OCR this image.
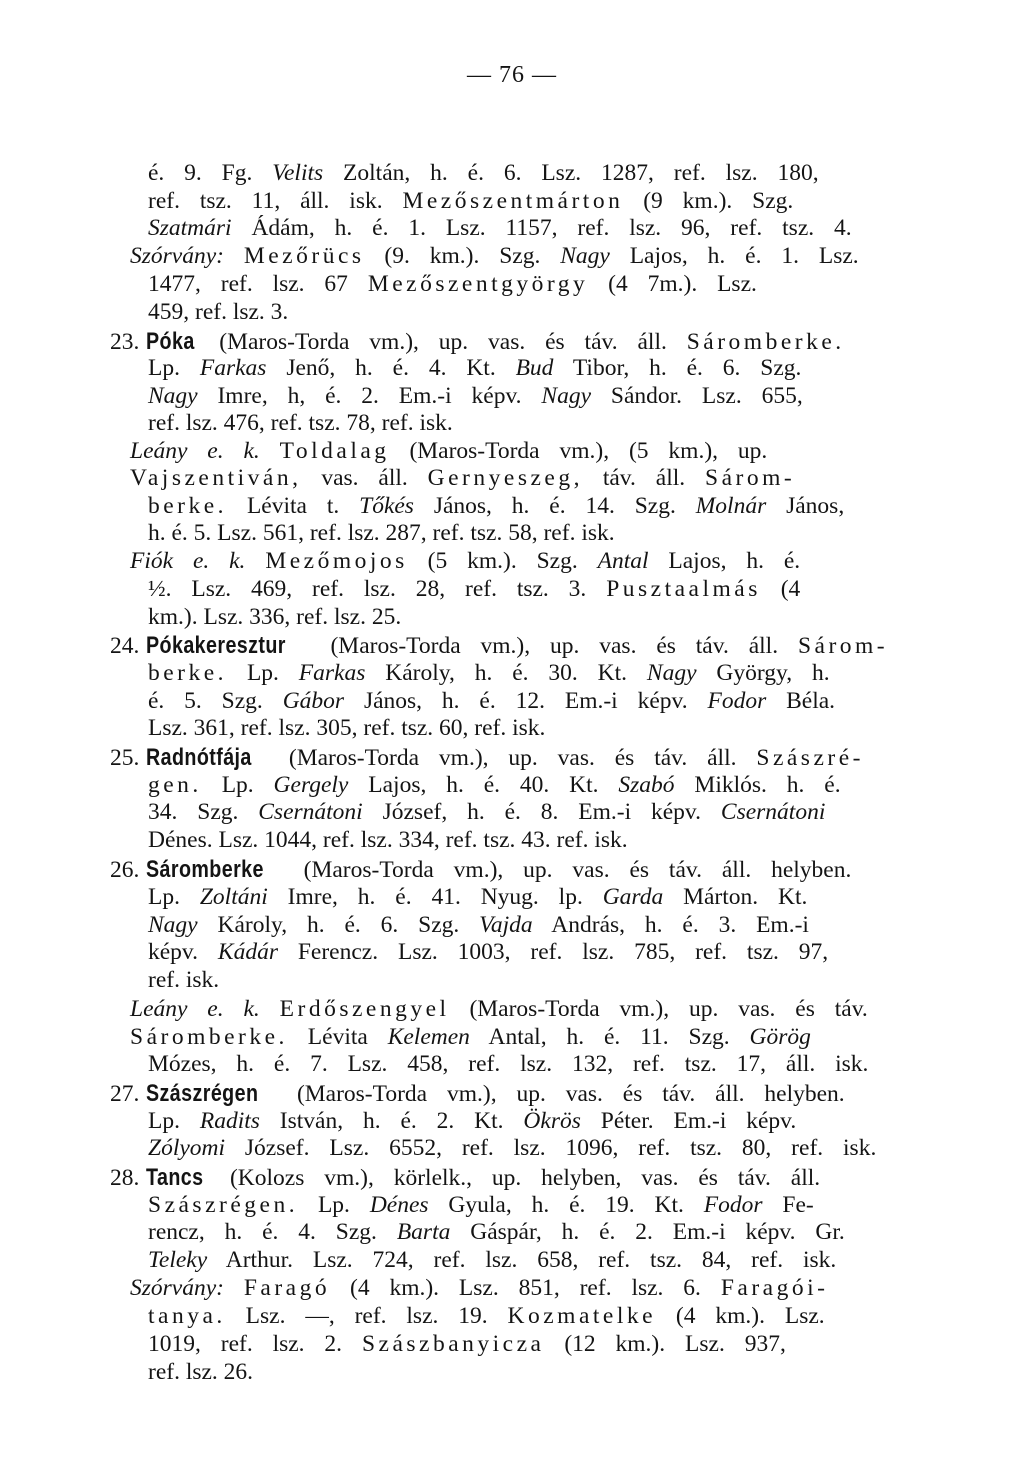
— 76 —
é. 9. Fg. Velits Zoltán, h. é. 6. Lsz. 1287, ref. lsz. 180,
ref. tsz. 11, áll. isk. Mezőszentmárton (9 km.). Szg.
Szatmári Ádám, h. é. 1. Lsz. 1157, ref. lsz. 96, ref. tsz. 4.
Szórvány: Mezőrücs (9. km.). Szg. Nagy Lajos, h. é. 1. Lsz.
1477, ref. lsz. 67 Mezőszentgyörgy (4 7m.). Lsz.
459, ref. lsz. 3.
23. Póka (Maros-Torda vm.), up. vas. és táv. áll. Sáromberke.
Lp. Farkas Jenő, h. é. 4. Kt. Bud Tibor, h. é. 6. Szg.
Nagy Imre, h, é. 2. Em.-i képv. Nagy Sándor. Lsz. 655,
ref. lsz. 476, ref. tsz. 78, ref. isk.
Leány e. k. Toldalag (Maros-Torda vm.), (5 km.), up.
Vajszentiván, vas. áll. Gernyeszeg, táv. áll. Sárom-
berke. Lévita t. Tőkés János, h. é. 14. Szg. Molnár János,
h. é. 5. Lsz. 561, ref. lsz. 287, ref. tsz. 58, ref. isk.
Fiók e. k. Mezőmojos (5 km.). Szg. Antal Lajos, h. é.
½. Lsz. 469, ref. lsz. 28, ref. tsz. 3. Pusztaalmás (4
km.). Lsz. 336, ref. lsz. 25.
24. Pókakeresztur (Maros-Torda vm.), up. vas. és táv. áll. Sárom-
berke. Lp. Farkas Károly, h. é. 30. Kt. Nagy György, h.
é. 5. Szg. Gábor János, h. é. 12. Em.-i képv. Fodor Béla.
Lsz. 361, ref. lsz. 305, ref. tsz. 60, ref. isk.
25. Radnótfája (Maros-Torda vm.), up. vas. és táv. áll. Szászré-
gen. Lp. Gergely Lajos, h. é. 40. Kt. Szabó Miklós. h. é.
34. Szg. Csernátoni József, h. é. 8. Em.-i képv. Csernátoni
Dénes. Lsz. 1044, ref. lsz. 334, ref. tsz. 43. ref. isk.
26. Sáromberke (Maros-Torda vm.), up. vas. és táv. áll. helyben.
Lp. Zoltáni Imre, h. é. 41. Nyug. lp. Garda Márton. Kt.
Nagy Károly, h. é. 6. Szg. Vajda András, h. é. 3. Em.-i
képv. Kádár Ferencz. Lsz. 1003, ref. lsz. 785, ref. tsz. 97,
ref. isk.
Leány e. k. Erdőszengyel (Maros-Torda vm.), up. vas. és táv.
Sáromberke. Lévita Kelemen Antal, h. é. 11. Szg. Görög
Mózes, h. é. 7. Lsz. 458, ref. lsz. 132, ref. tsz. 17, áll. isk.
27. Szászrégen (Maros-Torda vm.), up. vas. és táv. áll. helyben.
Lp. Radits István, h. é. 2. Kt. Ökrös Péter. Em.-i képv.
Zólyomi József. Lsz. 6552, ref. lsz. 1096, ref. tsz. 80, ref. isk.
28. Tancs (Kolozs vm.), körlelk., up. helyben, vas. és táv. áll.
Szászrégen. Lp. Dénes Gyula, h. é. 19. Kt. Fodor Fe-
rencz, h. é. 4. Szg. Barta Gáspár, h. é. 2. Em.-i képv. Gr.
Teleky Arthur. Lsz. 724, ref. lsz. 658, ref. tsz. 84, ref. isk.
Szórvány: Faragó (4 km.). Lsz. 851, ref. lsz. 6. Faragói-
tanya. Lsz. —, ref. lsz. 19. Kozmatelke (4 km.). Lsz.
1019, ref. lsz. 2. Szászbanyicza (12 km.). Lsz. 937,
ref. lsz. 26.
